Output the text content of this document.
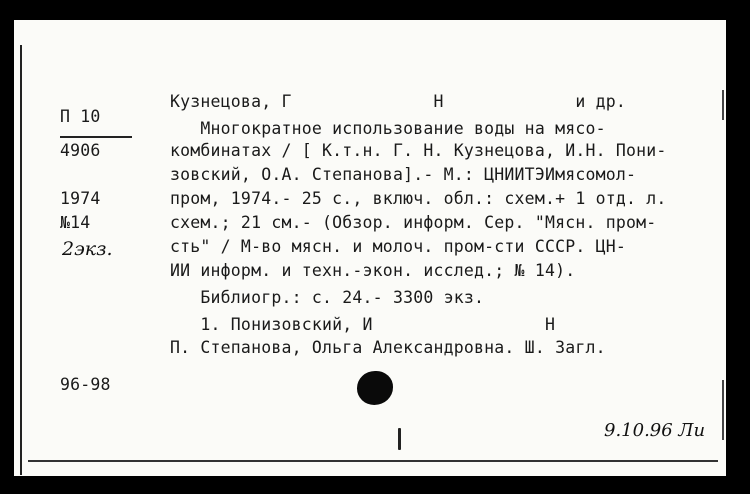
П 10
4906
1974
№14
2экз.
96-98
Кузнецова, Г              Н             и др.
Многократное использование воды на мясо-
комбинатах / [ К.т.н. Г. Н. Кузнецова, И.Н. Пони-
зовский, О.А. Степанова].- М.: ЦНИИТЭИмясомол-
пром, 1974.- 25 с., включ. обл.: схем.+ 1 отд. л.
схем.; 21 см.- (Обзор. информ. Сер. "Мясн. пром-
сть" / М-во мясн. и молоч. пром-сти СССР. ЦН-
ИИ информ. и техн.-экон. исслед.; № 14).
Библиогр.: с. 24.- 3300 экз.
1. Понизовский, И                 Н
П. Степанова, Ольга Александровна. Ш. Загл.
9.10.96 Ли
